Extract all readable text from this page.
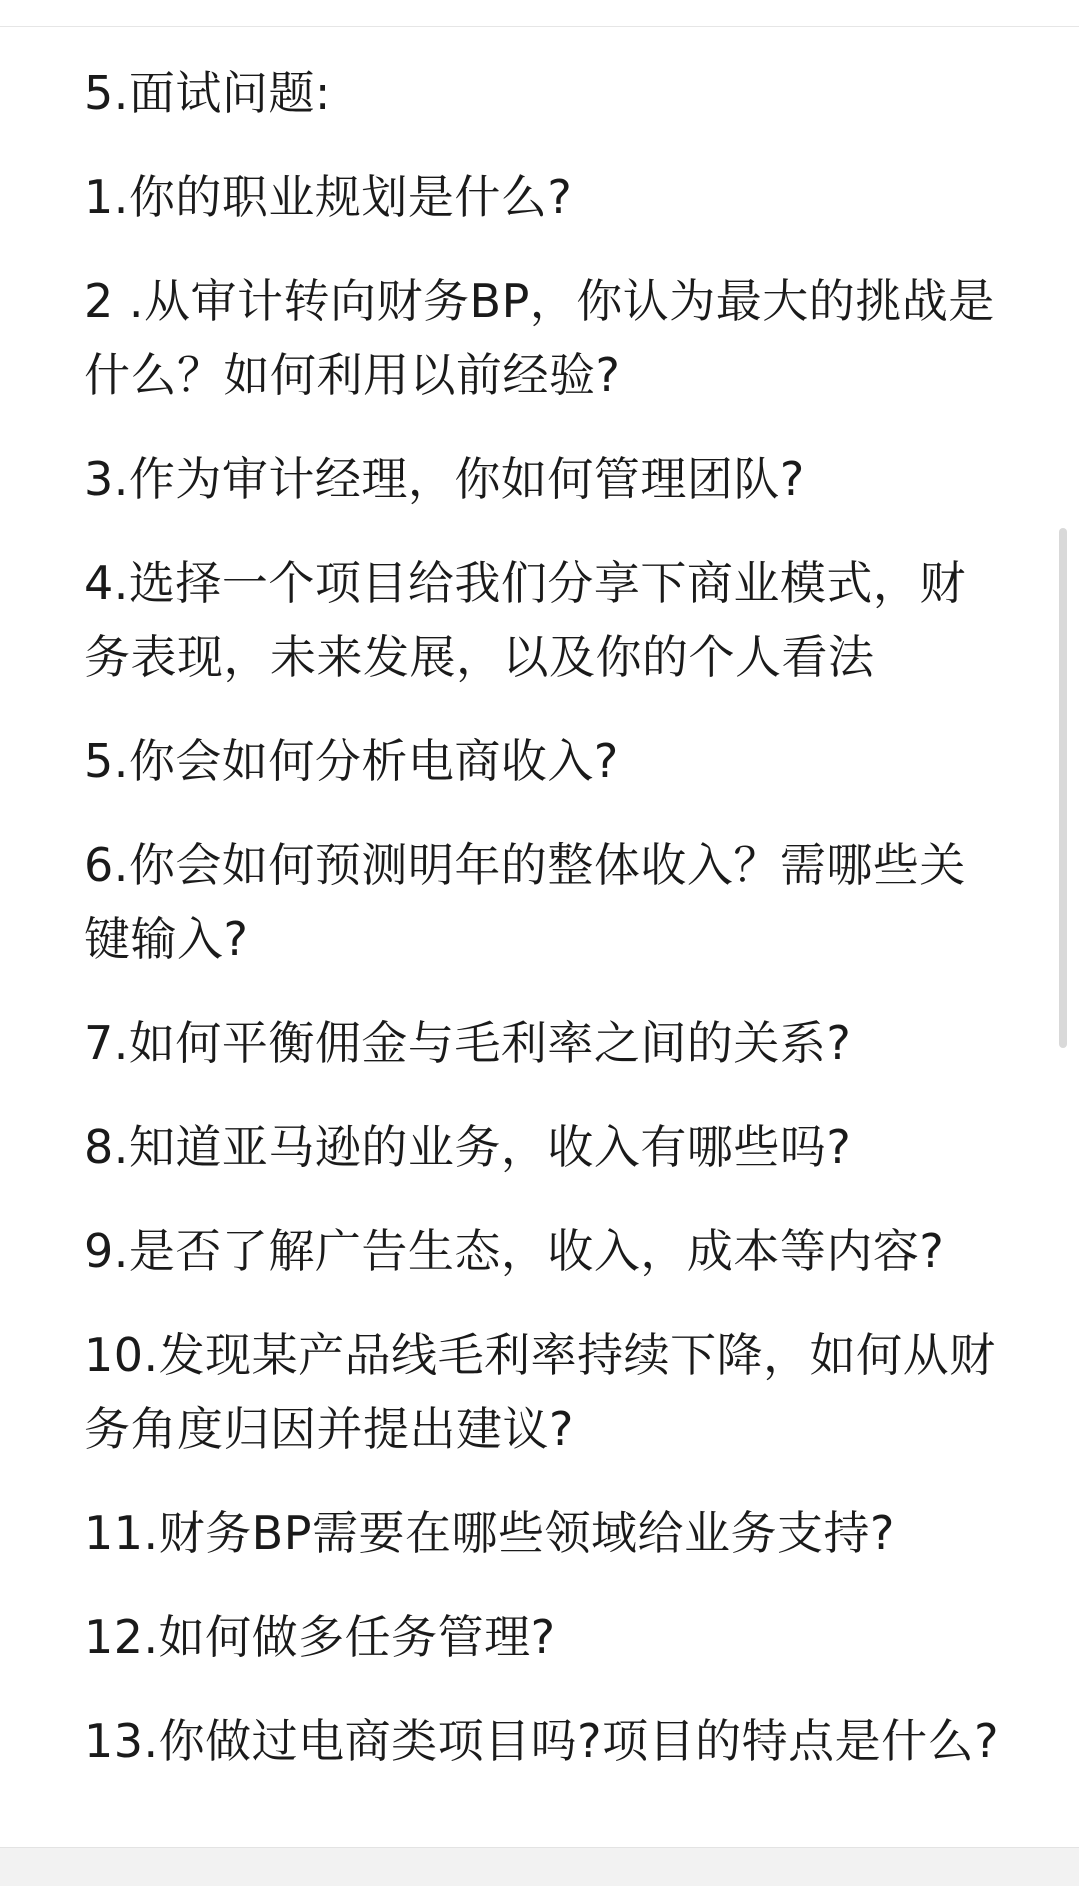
5.面试问题:

1.你的职业规划是什么?

2 .从审计转向财务BP，你认为最大的挑战是什么？如何利用以前经验?

3.作为审计经理，你如何管理团队?

4.选择一个项目给我们分享下商业模式，财务表现，未来发展，以及你的个人看法

5.你会如何分析电商收入?

6.你会如何预测明年的整体收入？需哪些关键输入?

7.如何平衡佣金与毛利率之间的关系?

8.知道亚马逊的业务，收入有哪些吗?

9.是否了解广告生态，收入，成本等内容?

10.发现某产品线毛利率持续下降，如何从财务角度归因并提出建议?

11.财务BP需要在哪些领域给业务支持?

12.如何做多任务管理?

13.你做过电商类项目吗?项目的特点是什么?
